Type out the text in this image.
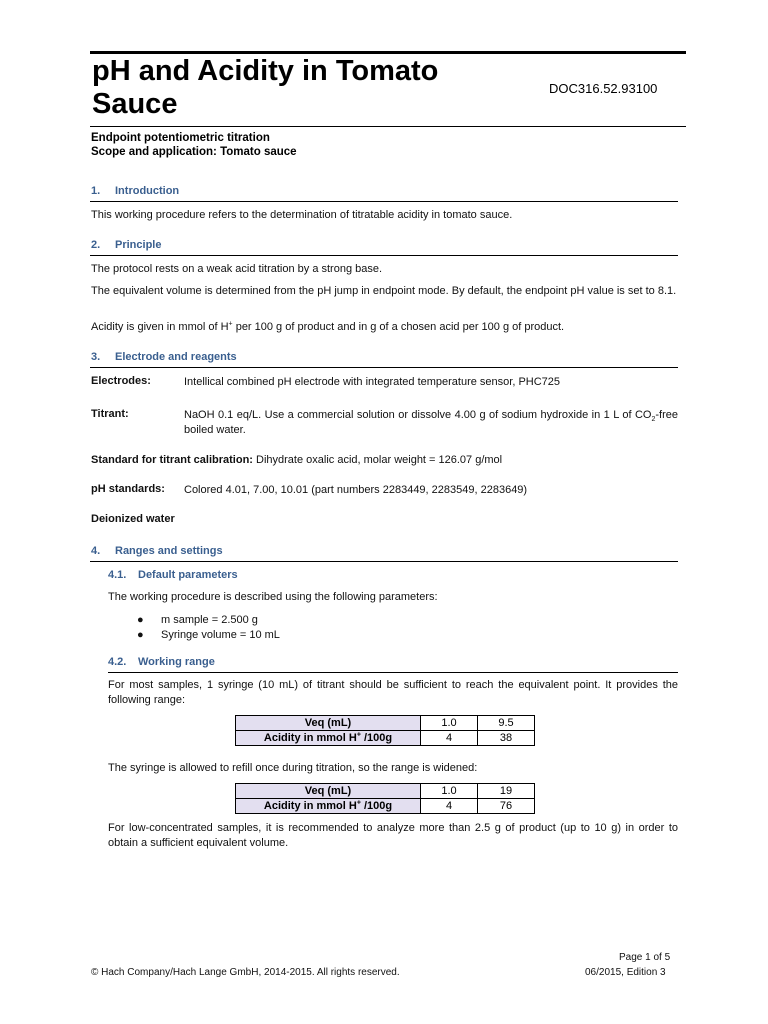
pH and Acidity in Tomato
Sauce	DOC316.52.93100
Endpoint potentiometric titration
Scope and application: Tomato sauce
1. Introduction
This working procedure refers to the determination of titratable acidity in tomato sauce.
2. Principle
The protocol rests on a weak acid titration by a strong base.
The equivalent volume is determined from the pH jump in endpoint mode. By default, the endpoint pH value is set to 8.1.
Acidity is given in mmol of H+ per 100 g of product and in g of a chosen acid per 100 g of product.
3. Electrode and reagents
Electrodes:	Intellical combined pH electrode with integrated temperature sensor, PHC725
Titrant:	NaOH 0.1 eq/L. Use a commercial solution or dissolve 4.00 g of sodium hydroxide in 1 L of $CO_2$-free boiled water.
Standard for titrant calibration: Dihydrate oxalic acid, molar weight = 126.07 g/mol
pH standards: Colored 4.01, 7.00, 10.01 (part numbers 2283449, 2283549, 2283649)
Deionized water
4. Ranges and settings
4.1. Default parameters
The working procedure is described using the following parameters:
● m sample = 2.500 g
● Syringe volume = 10 mL
4.2. Working range
For most samples, 1 syringe (10 mL) of titrant should be sufficient to reach the equivalent point. It provides the following range:
Veq (mL)	1.0	9.5
Acidity in mmol H+ /100g	4	38
The syringe is allowed to refill once during titration, so the range is widened:
Veq (mL)	1.0	19
Acidity in mmol H+ /100g	4	76
For low-concentrated samples, it is recommended to analyze more than 2.5 g of product (up to 10 g) in order to obtain a sufficient equivalent volume.
Page 1 of 5
© Hach Company/Hach Lange GmbH, 2014-2015. All rights reserved.	06/2015, Edition 3
